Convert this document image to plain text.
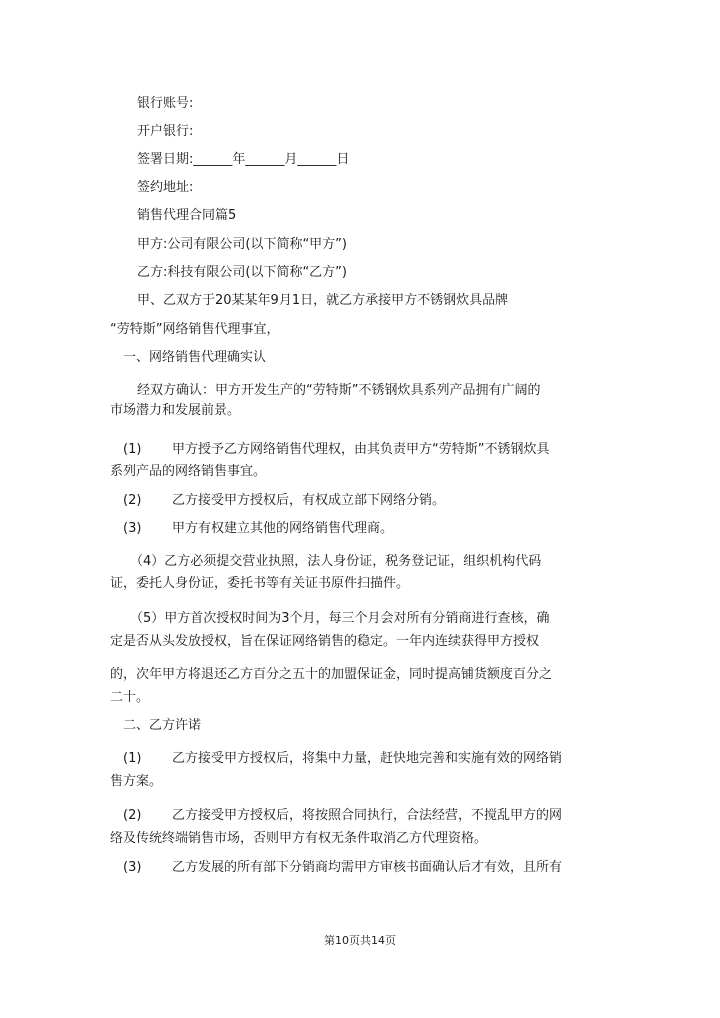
银行账号:
开户银行:
签署日期:______年______月______日
签约地址:
销售代理合同篇5
甲方:公司有限公司(以下简称“甲方”)
乙方:科技有限公司(以下简称“乙方”)
甲、乙双方于20某某年9月1日，就乙方承接甲方不锈钢炊具品牌
“劳特斯”网络销售代理事宜，
一、网络销售代理确实认
经双方确认：甲方开发生产的“劳特斯”不锈钢炊具系列产品拥有广阔的
市场潜力和发展前景。
(1) 甲方授予乙方网络销售代理权，由其负责甲方“劳特斯”不锈钢炊具
系列产品的网络销售事宜。
(2) 乙方接受甲方授权后，有权成立部下网络分销。
(3) 甲方有权建立其他的网络销售代理商。
（4）乙方必须提交营业执照，法人身份证，税务登记证，组织机构代码
证，委托人身份证，委托书等有关证书原件扫描件。
（5）甲方首次授权时间为3个月，每三个月会对所有分销商进行查核，确
定是否从头发放授权，旨在保证网络销售的稳定。一年内连续获得甲方授权
的，次年甲方将退还乙方百分之五十的加盟保证金，同时提高铺货额度百分之
二十。
二、乙方许诺
(1) 乙方接受甲方授权后，将集中力量，赶快地完善和实施有效的网络销
售方案。
(2) 乙方接受甲方授权后，将按照合同执行，合法经营，不搅乱甲方的网
络及传统终端销售市场，否则甲方有权无条件取消乙方代理资格。
(3) 乙方发展的所有部下分销商均需甲方审核书面确认后才有效，且所有
第10页共14页
